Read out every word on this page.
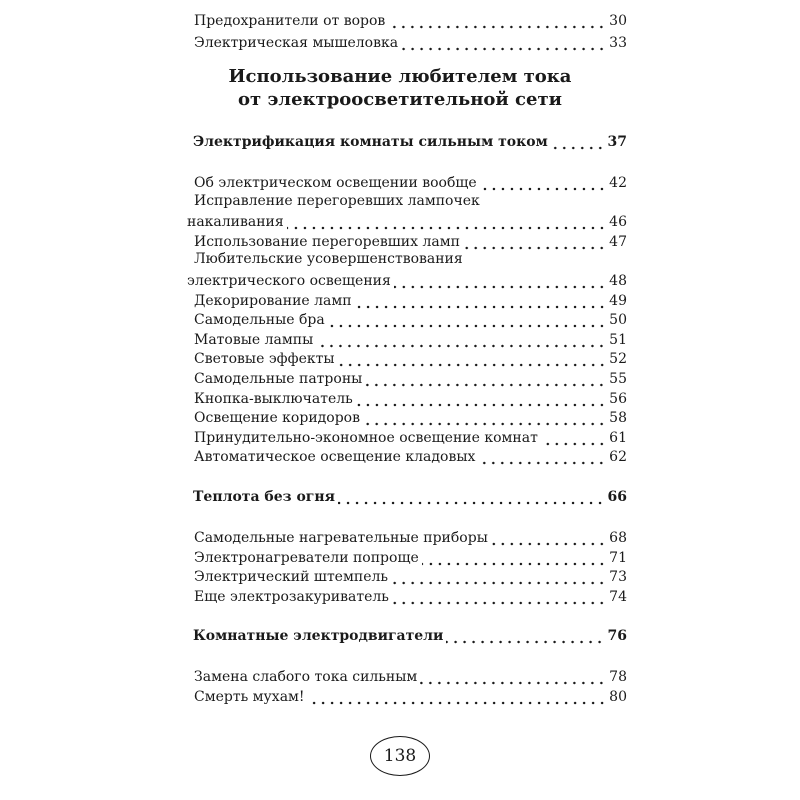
Предохранители от воров	30
Электрическая мышеловка	33
Использование любителем тока
от электроосветительной сети
Электрификация комнаты сильным током	37
Об электрическом освещении вообще	42
Исправление перегоревших лампочек
накаливания	46
Использование перегоревших ламп	47
Любительские усовершенствования
электрического освещения	48
Декорирование ламп	49
Самодельные бра	50
Матовые лампы	51
Световые эффекты	52
Самодельные патроны	55
Кнопка-выключатель	56
Освещение коридоров	58
Принудительно-экономное освещение комнат	61
Автоматическое освещение кладовых	62
Теплота без огня	66
Самодельные нагревательные приборы	68
Электронагреватели попроще	71
Электрический штемпель	73
Еще электрозакуриватель	74
Комнатные электродвигатели	76
Замена слабого тока сильным	78
Смерть мухам!	80
138
